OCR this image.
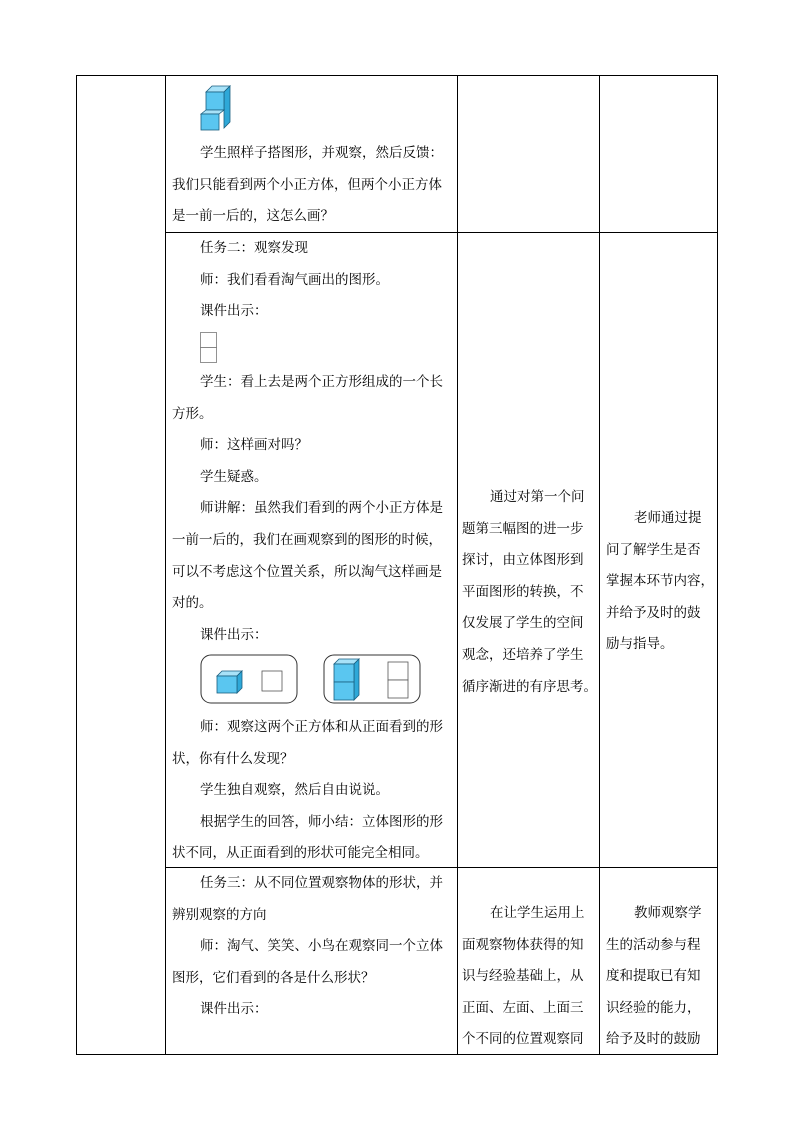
学生照样子搭图形，并观察，然后反馈：

我们只能看到两个小正方体，但两个小正方体

是一前一后的，这怎么画？

任务二：观察发现

师：我们看看淘气画出的图形。

课件出示：

学生：看上去是两个正方形组成的一个长

方形。

师：这样画对吗？

学生疑惑。

师讲解：虽然我们看到的两个小正方体是

一前一后的，我们在画观察到的图形的时候，

可以不考虑这个位置关系，所以淘气这样画是

对的。

课件出示：

师：观察这两个正方体和从正面看到的形

状，你有什么发现？

学生独自观察，然后自由说说。

根据学生的回答，师小结：立体图形的形

状不同，从正面看到的形状可能完全相同。

通过对第一个问

题第三幅图的进一步

探讨，由立体图形到

平面图形的转换，不

仅发展了学生的空间

观念，还培养了学生

循序渐进的有序思考。

老师通过提

问了解学生是否

掌握本环节内容，

并给予及时的鼓

励与指导。

任务三：从不同位置观察物体的形状，并

辨别观察的方向

师：淘气、笑笑、小鸟在观察同一个立体

图形，它们看到的各是什么形状？

课件出示：

在让学生运用上

面观察物体获得的知

识与经验基础上，从

正面、左面、上面三

个不同的位置观察同

教师观察学

生的活动参与程

度和提取已有知

识经验的能力，

给予及时的鼓励
